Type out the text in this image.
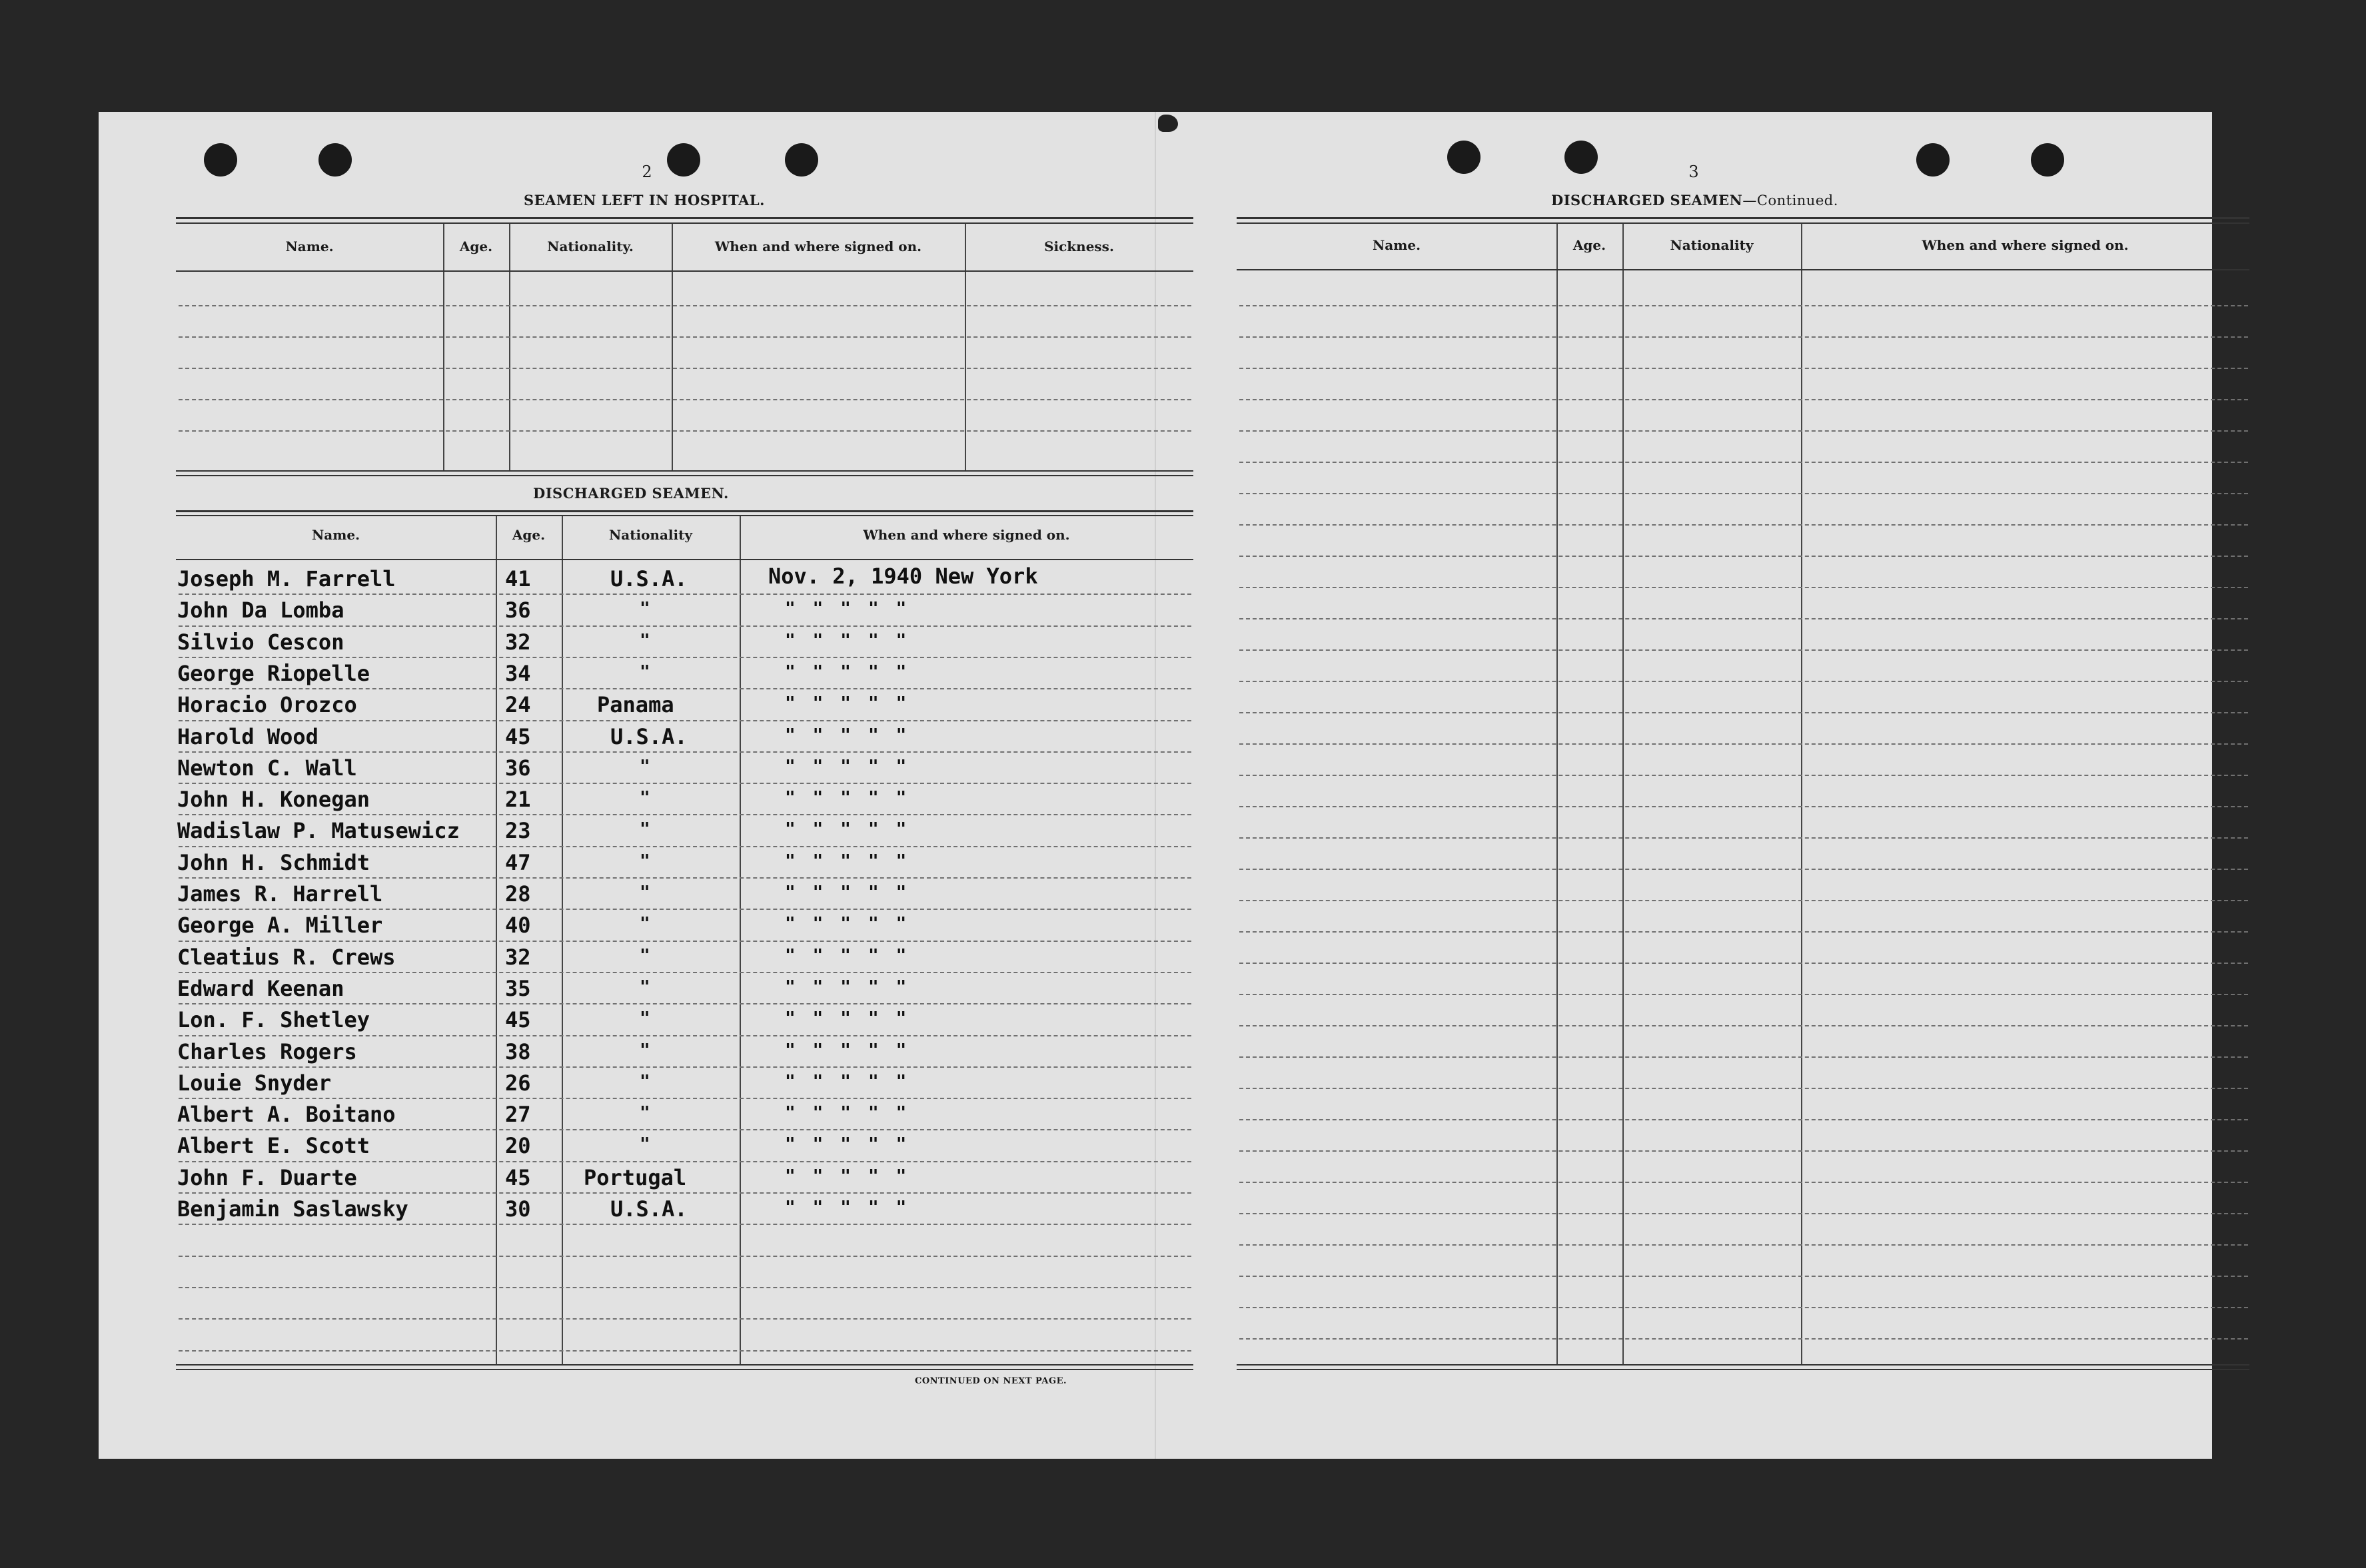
2
SEAMEN LEFT IN HOSPITAL.
Name.	Age.	Nationality.	When and where signed on.	Sickness.
DISCHARGED SEAMEN.
Name.	Age.	Nationality	When and where signed on.
Joseph M. Farrell	41	U.S.A.	Nov. 2, 1940 New York
John Da Lomba	36	"	"""""
Silvio Cescon	32	"	"""""
George Riopelle	34	"	"""""
Horacio Orozco	24	Panama	"""""
Harold Wood	45	U.S.A.	"""""
Newton C. Wall	36	"	"""""
John H. Konegan	21	"	"""""
Wadislaw P. Matusewicz 23	"	"""""
John H. Schmidt	47	"	"""""
James R. Harrell	28	"	"""""
George A. Miller	40	"	"""""
Cleatius R. Crews	32	"	"""""
Edward Keenan	35	"	"""""
Lon. F. Shetley	45	"	"""""
Charles Rogers	38	"	"""""
Louie Snyder	26	"	"""""
Albert A. Boitano	27	"	"""""
Albert E. Scott	20	"	"""""
John F. Duarte	45 Portugal	"""""
Benjamin Saslawsky	30	U.S.A.	"""""
CONTINUED ON NEXT PAGE.
3
DISCHARGED SEAMEN—Continued.
Name.	Age.	Nationality	When and where signed on.
